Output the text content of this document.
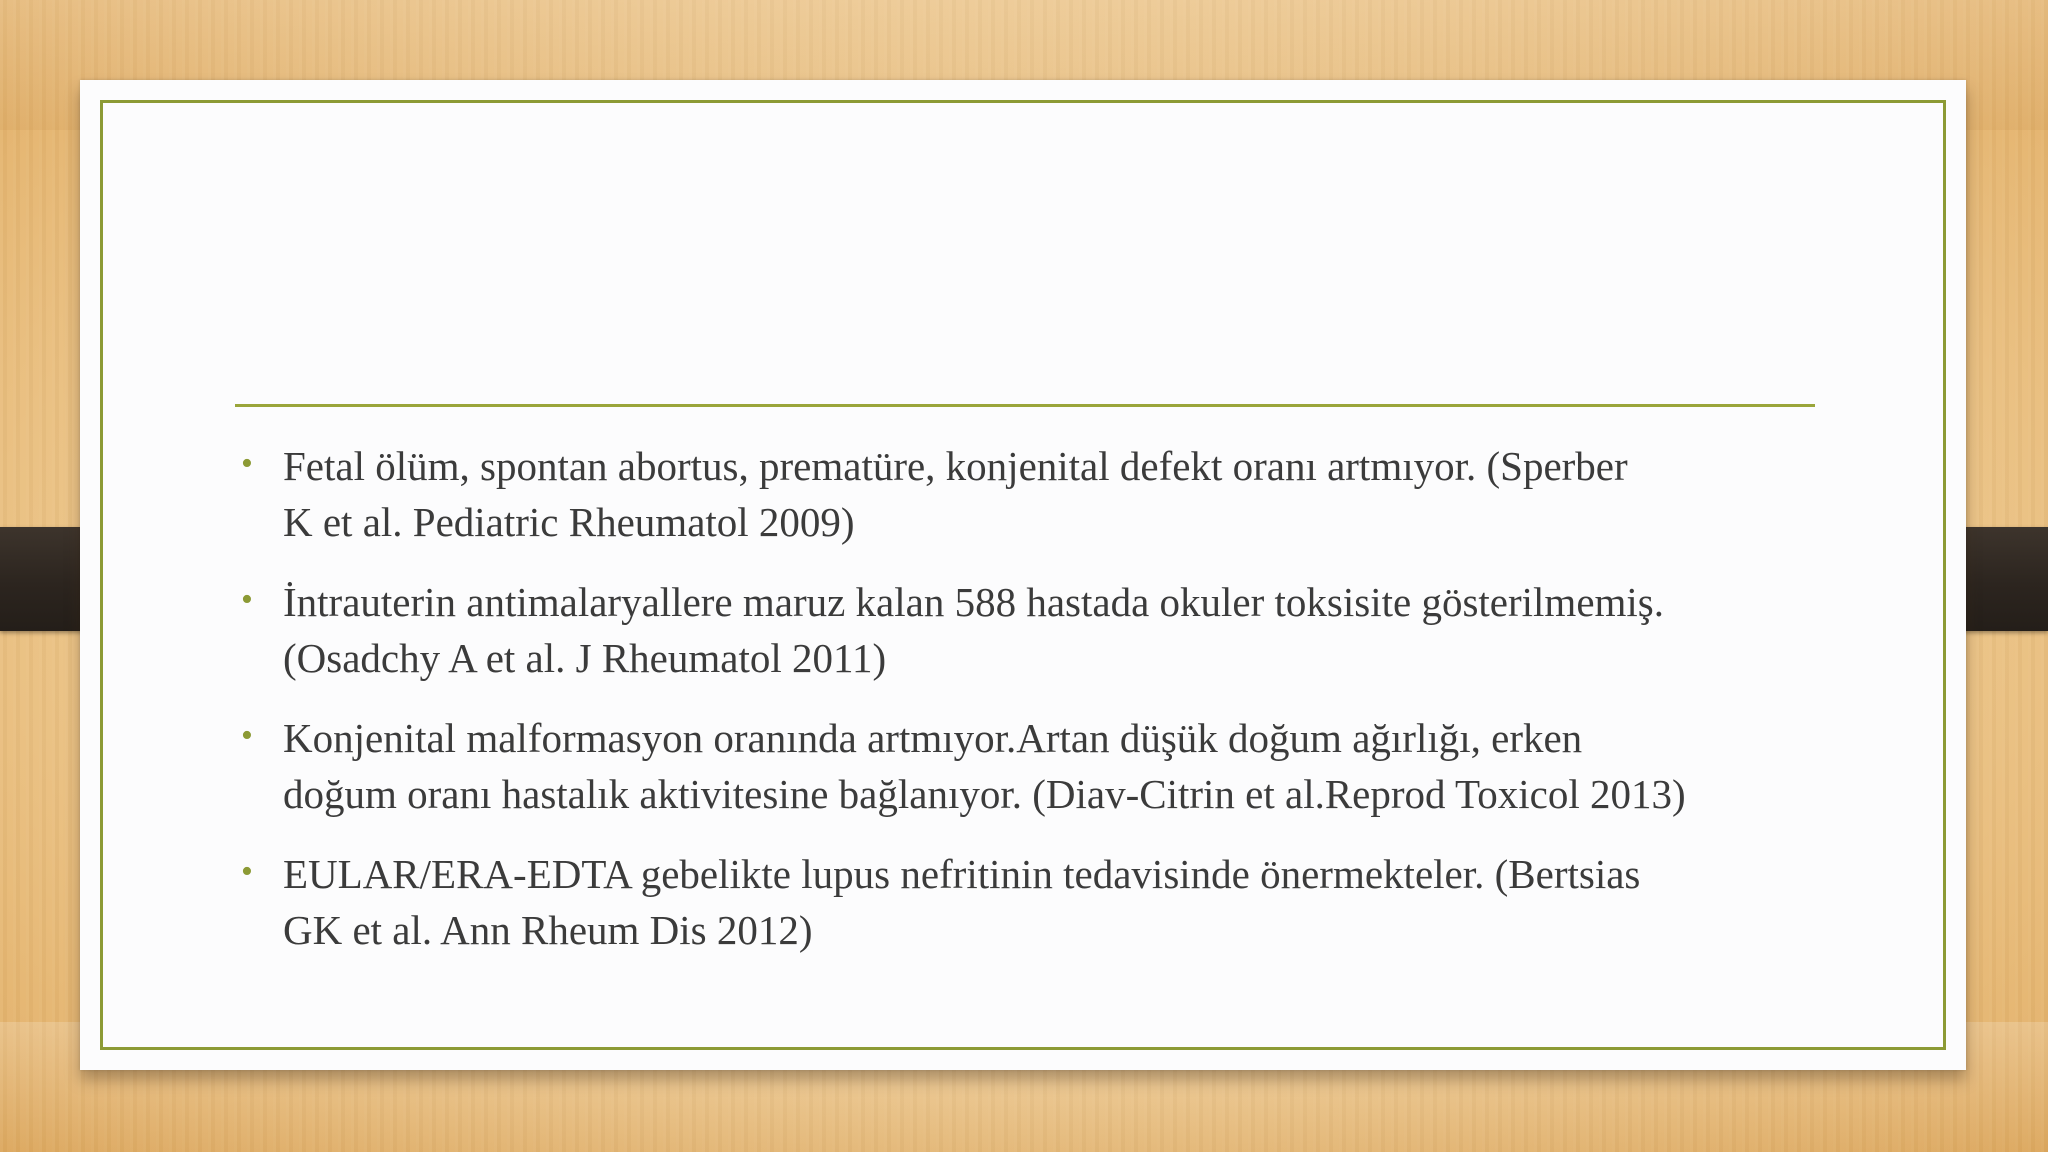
• Fetal ölüm, spontan abortus, prematüre, konjenital defekt oranı artmıyor. (Sperber
K et al. Pediatric Rheumatol 2009)
• İntrauterin antimalaryallere maruz kalan 588 hastada okuler toksisite gösterilmemiş.
(Osadchy A et al. J Rheumatol 2011)
• Konjenital malformasyon oranında artmıyor.Artan düşük doğum ağırlığı, erken
doğum oranı hastalık aktivitesine bağlanıyor. (Diav-Citrin et al.Reprod Toxicol 2013)
• EULAR/ERA-EDTA gebelikte lupus nefritinin tedavisinde önermekteler. (Bertsias
GK et al. Ann Rheum Dis 2012)
